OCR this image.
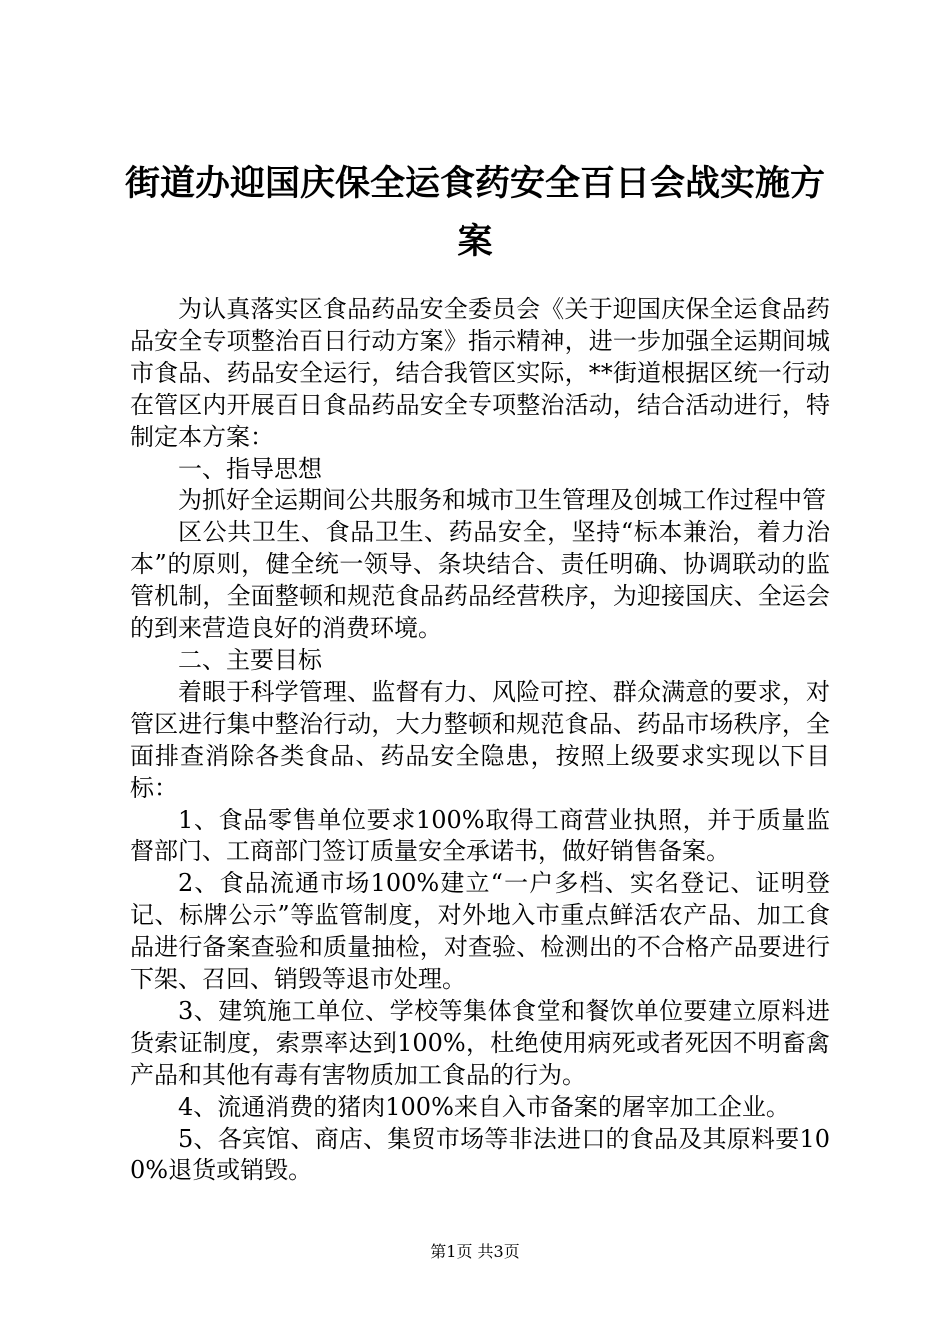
街道办迎国庆保全运食药安全百日会战实施方案

为认真落实区食品药品安全委员会《关于迎国庆保全运食品药品安全专项整治百日行动方案》指示精神，进一步加强全运期间城市食品、药品安全运行，结合我管区实际，**街道根据区统一行动在管区内开展百日食品药品安全专项整治活动，结合活动进行，特制定本方案：

一、指导思想

为抓好全运期间公共服务和城市卫生管理及创城工作过程中管

区公共卫生、食品卫生、药品安全，坚持“标本兼治，着力治本”的原则，健全统一领导、条块结合、责任明确、协调联动的监管机制，全面整顿和规范食品药品经营秩序，为迎接国庆、全运会的到来营造良好的消费环境。

二、主要目标

着眼于科学管理、监督有力、风险可控、群众满意的要求，对管区进行集中整治行动，大力整顿和规范食品、药品市场秩序，全面排查消除各类食品、药品安全隐患，按照上级要求实现以下目标：

1、食品零售单位要求100%取得工商营业执照，并于质量监督部门、工商部门签订质量安全承诺书，做好销售备案。

2、食品流通市场100%建立“一户多档、实名登记、证明登记、标牌公示”等监管制度，对外地入市重点鲜活农产品、加工食品进行备案查验和质量抽检，对查验、检测出的不合格产品要进行下架、召回、销毁等退市处理。

3、建筑施工单位、学校等集体食堂和餐饮单位要建立原料进货索证制度，索票率达到100%，杜绝使用病死或者死因不明畜禽产品和其他有毒有害物质加工食品的行为。

4、流通消费的猪肉100%来自入市备案的屠宰加工企业。

5、各宾馆、商店、集贸市场等非法进口的食品及其原料要100%退货或销毁。

第1页 共3页
